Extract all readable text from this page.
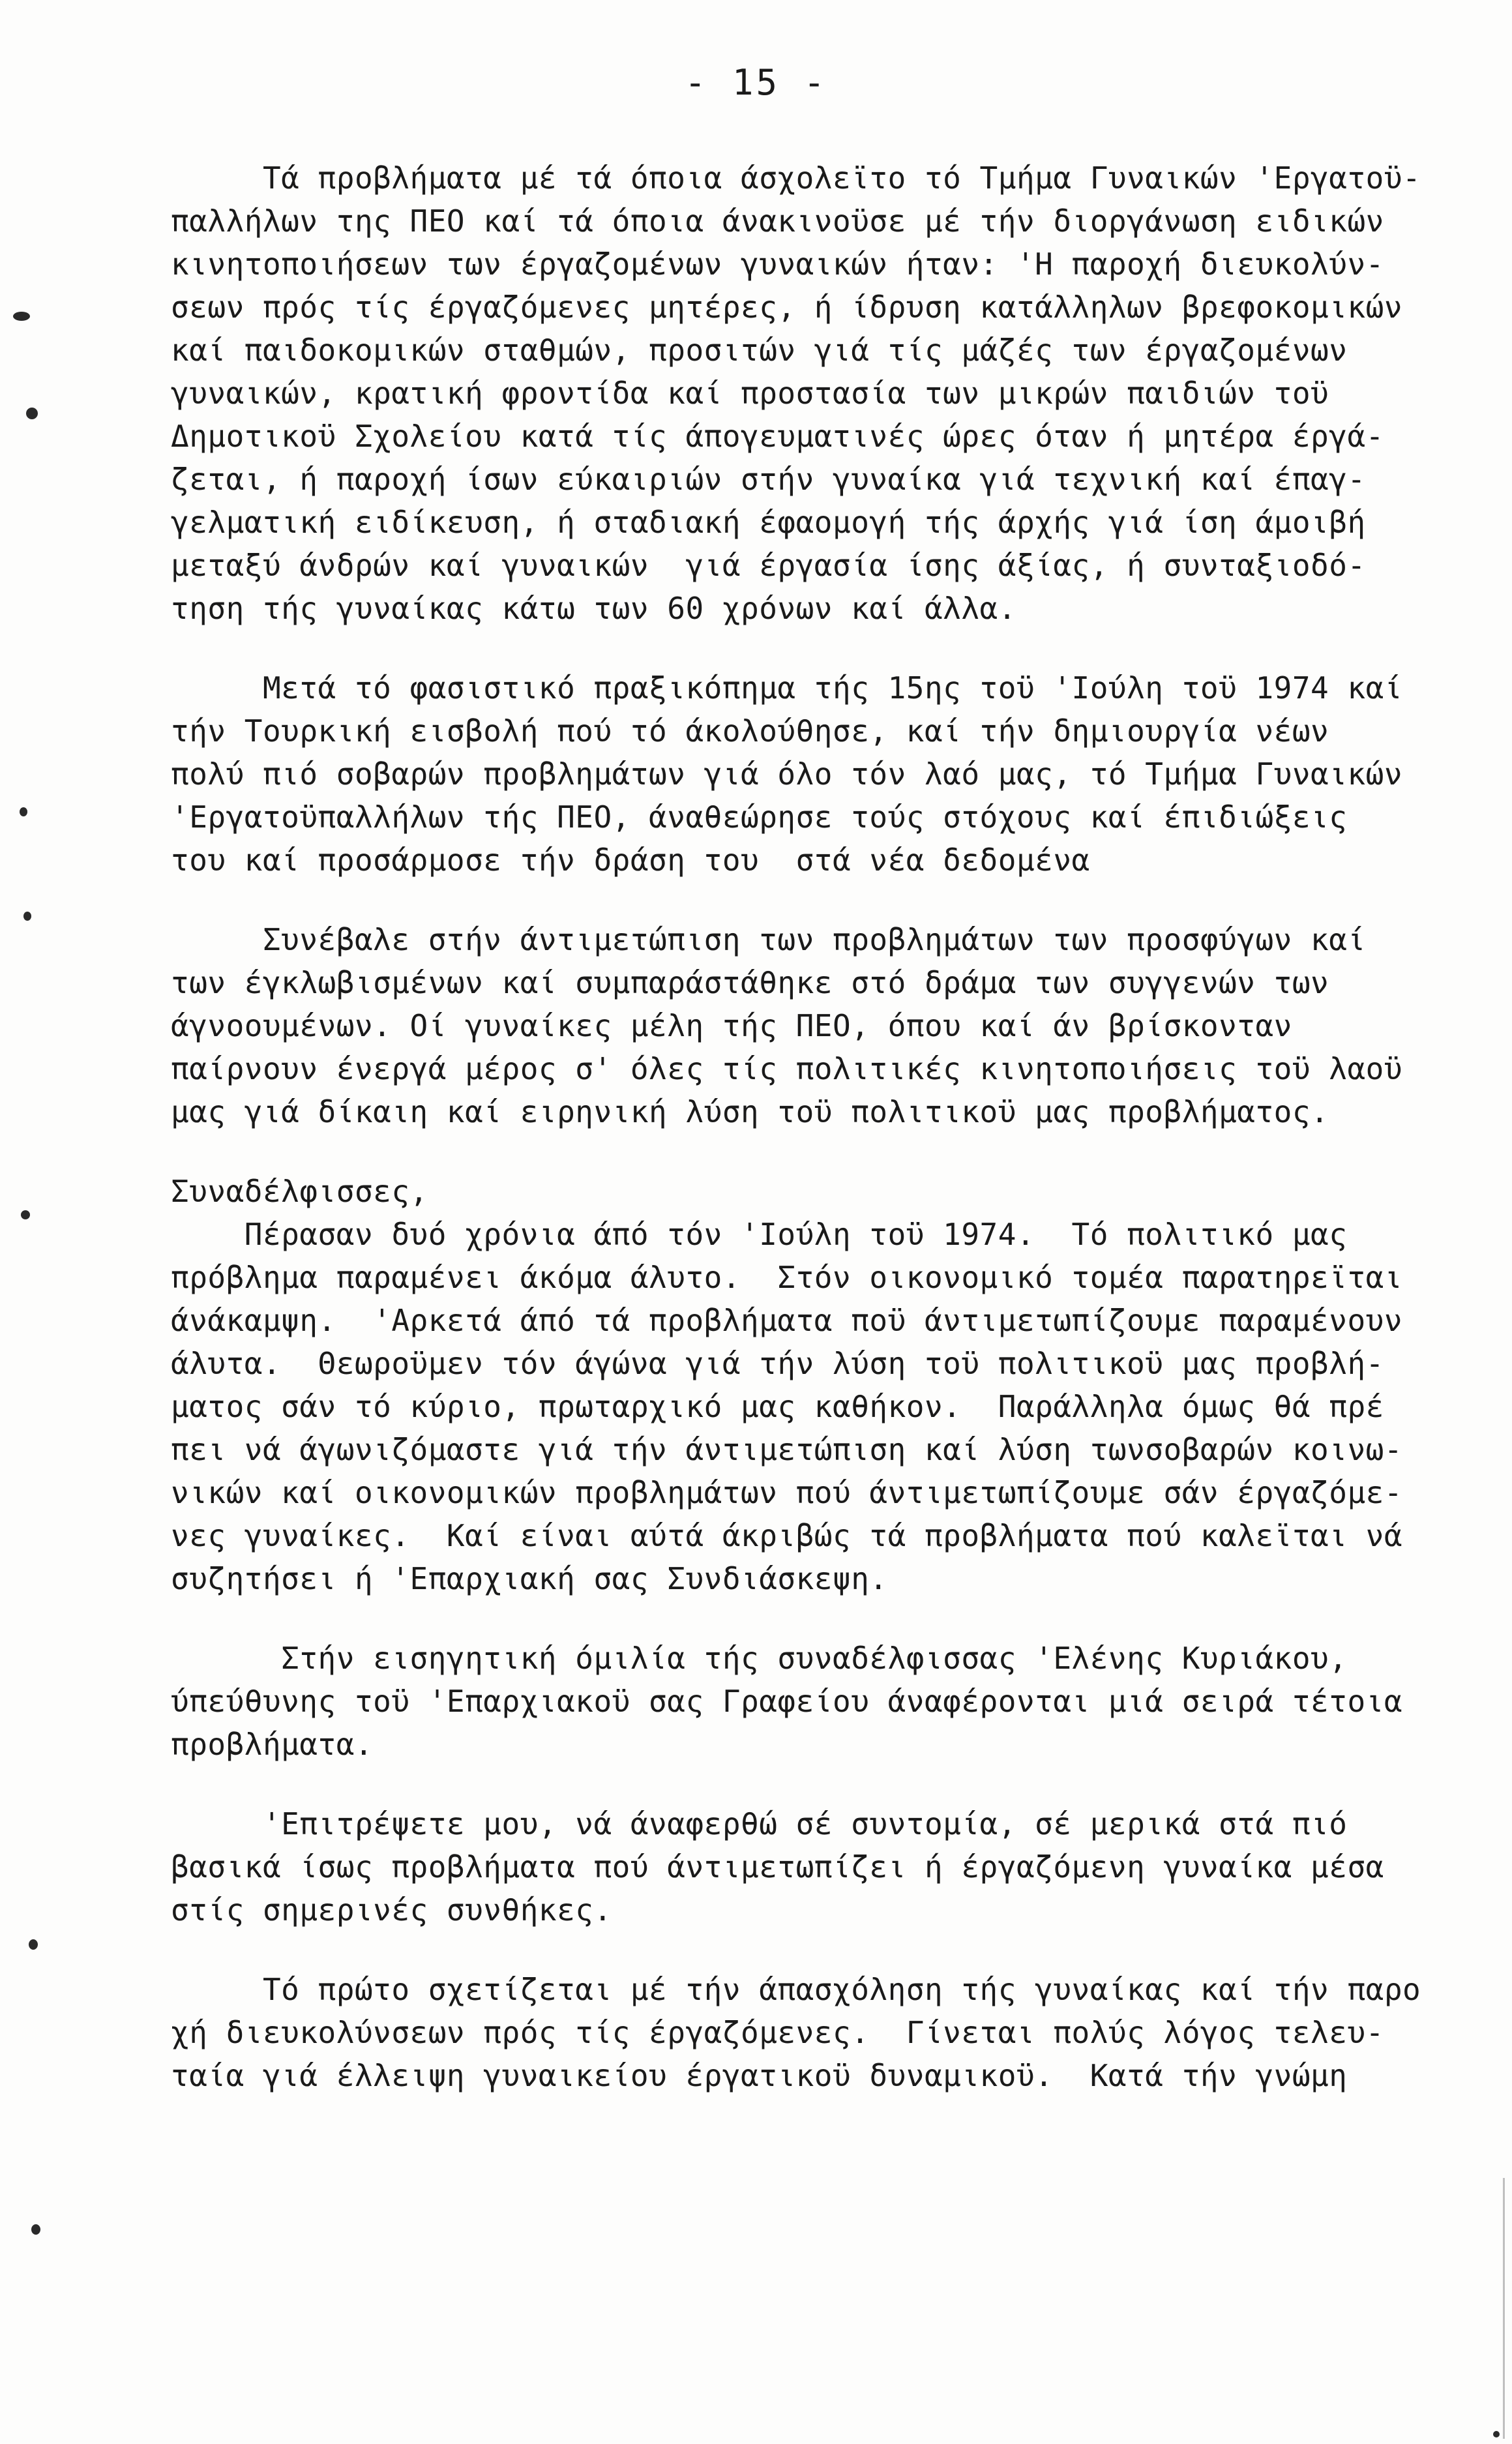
- 15 -
Τά προβλήματα μέ τά όποια άσχολεϊτο τό Τμήμα Γυναικών 'Εργατοϋ-
παλλήλων της ΠΕΟ καί τά όποια άνακινοϋσε μέ τήν διοργάνωση ειδικών
κινητοποιήσεων των έργαζομένων γυναικών ήταν: 'Η παροχή διευκολύν-
σεων πρός τίς έργαζόμενες μητέρες, ή ίδρυση κατάλληλων βρεφοκομικών
καί παιδοκομικών σταθμών, προσιτών γιά τίς μάζές των έργαζομένων
γυναικών, κρατική φροντίδα καί προστασία των μικρών παιδιών τοϋ
Δημοτικοϋ Σχολείου κατά τίς άπογευματινές ώρες όταν ή μητέρα έργά-
ζεται, ή παροχή ίσων εύκαιριών στήν γυναίκα γιά τεχνική καί έπαγ-
γελματική ειδίκευση, ή σταδιακή έφαομογή τής άρχής γιά ίση άμοιβή
μεταξύ άνδρών καί γυναικών  γιά έργασία ίσης άξίας, ή συνταξιοδό-
τηση τής γυναίκας κάτω των 60 χρόνων καί άλλα.
Μετά τό φασιστικό πραξικόπημα τής 15ης τοϋ 'Ιούλη τοϋ 1974 καί
τήν Τουρκική εισβολή πού τό άκολούθησε, καί τήν δημιουργία νέων
πολύ πιό σοβαρών προβλημάτων γιά όλο τόν λαό μας, τό Τμήμα Γυναικών
'Εργατοϋπαλλήλων τής ΠΕΟ, άναθεώρησε τούς στόχους καί έπιδιώξεις
του καί προσάρμοσε τήν δράση του  στά νέα δεδομένα
Συνέβαλε στήν άντιμετώπιση των προβλημάτων των προσφύγων καί
των έγκλωβισμένων καί συμπαράστάθηκε στό δράμα των συγγενών των
άγνοουμένων. Οί γυναίκες μέλη τής ΠΕΟ, όπου καί άν βρίσκονταν
παίρνουν ένεργά μέρος σ' όλες τίς πολιτικές κινητοποιήσεις τοϋ λαοϋ
μας γιά δίκαιη καί ειρηνική λύση τοϋ πολιτικοϋ μας προβλήματος.
Συναδέλφισσες,
Πέρασαν δυό χρόνια άπό τόν 'Ιούλη τοϋ 1974.  Τό πολιτικό μας
πρόβλημα παραμένει άκόμα άλυτο.  Στόν οικονομικό τομέα παρατηρεϊται
άνάκαμψη.  'Αρκετά άπό τά προβλήματα ποϋ άντιμετωπίζουμε παραμένουν
άλυτα.  Θεωροϋμεν τόν άγώνα γιά τήν λύση τοϋ πολιτικοϋ μας προβλή-
ματος σάν τό κύριο, πρωταρχικό μας καθήκον.  Παράλληλα όμως θά πρέ
πει νά άγωνιζόμαστε γιά τήν άντιμετώπιση καί λύση τωνσοβαρών κοινω-
νικών καί οικονομικών προβλημάτων πού άντιμετωπίζουμε σάν έργαζόμε-
νες γυναίκες.  Καί είναι αύτά άκριβώς τά προβλήματα πού καλεϊται νά
συζητήσει ή 'Επαρχιακή σας Συνδιάσκεψη.
Στήν εισηγητική όμιλία τής συναδέλφισσας 'Ελένης Κυριάκου,
ύπεύθυνης τοϋ 'Επαρχιακοϋ σας Γραφείου άναφέρονται μιά σειρά τέτοια
προβλήματα.
'Επιτρέψετε μου, νά άναφερθώ σέ συντομία, σέ μερικά στά πιό
βασικά ίσως προβλήματα πού άντιμετωπίζει ή έργαζόμενη γυναίκα μέσα
στίς σημερινές συνθήκες.
Τό πρώτο σχετίζεται μέ τήν άπασχόληση τής γυναίκας καί τήν παρο
χή διευκολύνσεων πρός τίς έργαζόμενες.  Γίνεται πολύς λόγος τελευ-
ταία γιά έλλειψη γυναικείου έργατικοϋ δυναμικοϋ.  Κατά τήν γνώμη
